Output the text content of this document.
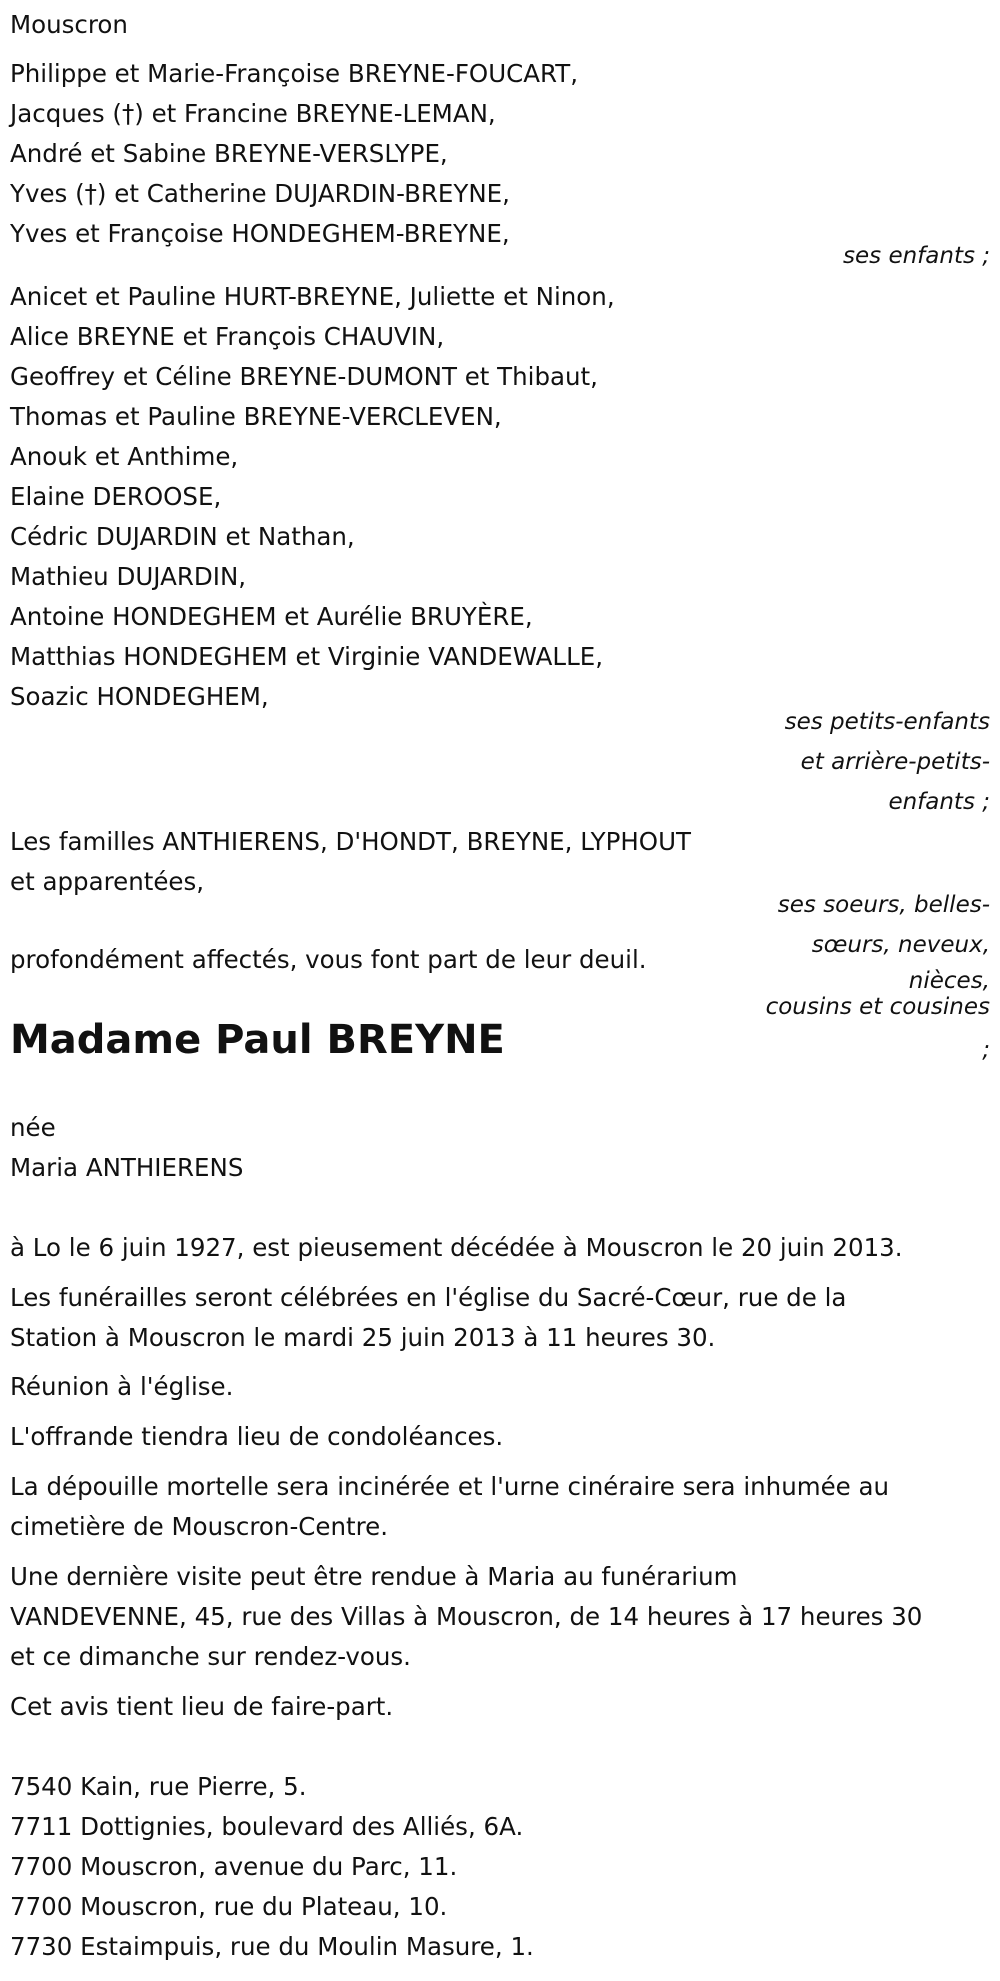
Mouscron

Philippe et Marie-Françoise BREYNE-FOUCART,

Jacques (†) et Francine BREYNE-LEMAN,

André et Sabine BREYNE-VERSLYPE,

Yves (†) et Catherine DUJARDIN-BREYNE,

Yves et Françoise HONDEGHEM-BREYNE,

ses enfants ;

Anicet et Pauline HURT-BREYNE, Juliette et Ninon,

Alice BREYNE et François CHAUVIN,

Geoffrey et Céline BREYNE-DUMONT et Thibaut,

Thomas et Pauline BREYNE-VERCLEVEN,

Anouk et Anthime,

Elaine DEROOSE,

Cédric DUJARDIN et Nathan,

Mathieu DUJARDIN,

Antoine HONDEGHEM et Aurélie BRUYÈRE,

Matthias HONDEGHEM et Virginie VANDEWALLE,

Soazic HONDEGHEM,

ses petits-enfants

et arrière-petits-

enfants ;

Les familles ANTHIERENS, D'HONDT, BREYNE, LYPHOUT

et apparentées,

ses soeurs, belles-

sœurs, neveux,

nièces,

cousins et cousines

;

profondément affectés, vous font part de leur deuil.

Madame Paul BREYNE

née

Maria ANTHIERENS

à Lo le 6 juin 1927, est pieusement décédée à Mouscron le 20 juin 2013.

Les funérailles seront célébrées en l'église du Sacré-Cœur, rue de la

Station à Mouscron le mardi 25 juin 2013 à 11 heures 30.

Réunion à l'église.

L'offrande tiendra lieu de condoléances.

La dépouille mortelle sera incinérée et l'urne cinéraire sera inhumée au

cimetière de Mouscron-Centre.

Une dernière visite peut être rendue à Maria au funérarium

VANDEVENNE, 45, rue des Villas à Mouscron, de 14 heures à 17 heures 30

et ce dimanche sur rendez-vous.

Cet avis tient lieu de faire-part.

7540 Kain, rue Pierre, 5.

7711 Dottignies, boulevard des Alliés, 6A.

7700 Mouscron, avenue du Parc, 11.

7700 Mouscron, rue du Plateau, 10.

7730 Estaimpuis, rue du Moulin Masure, 1.
